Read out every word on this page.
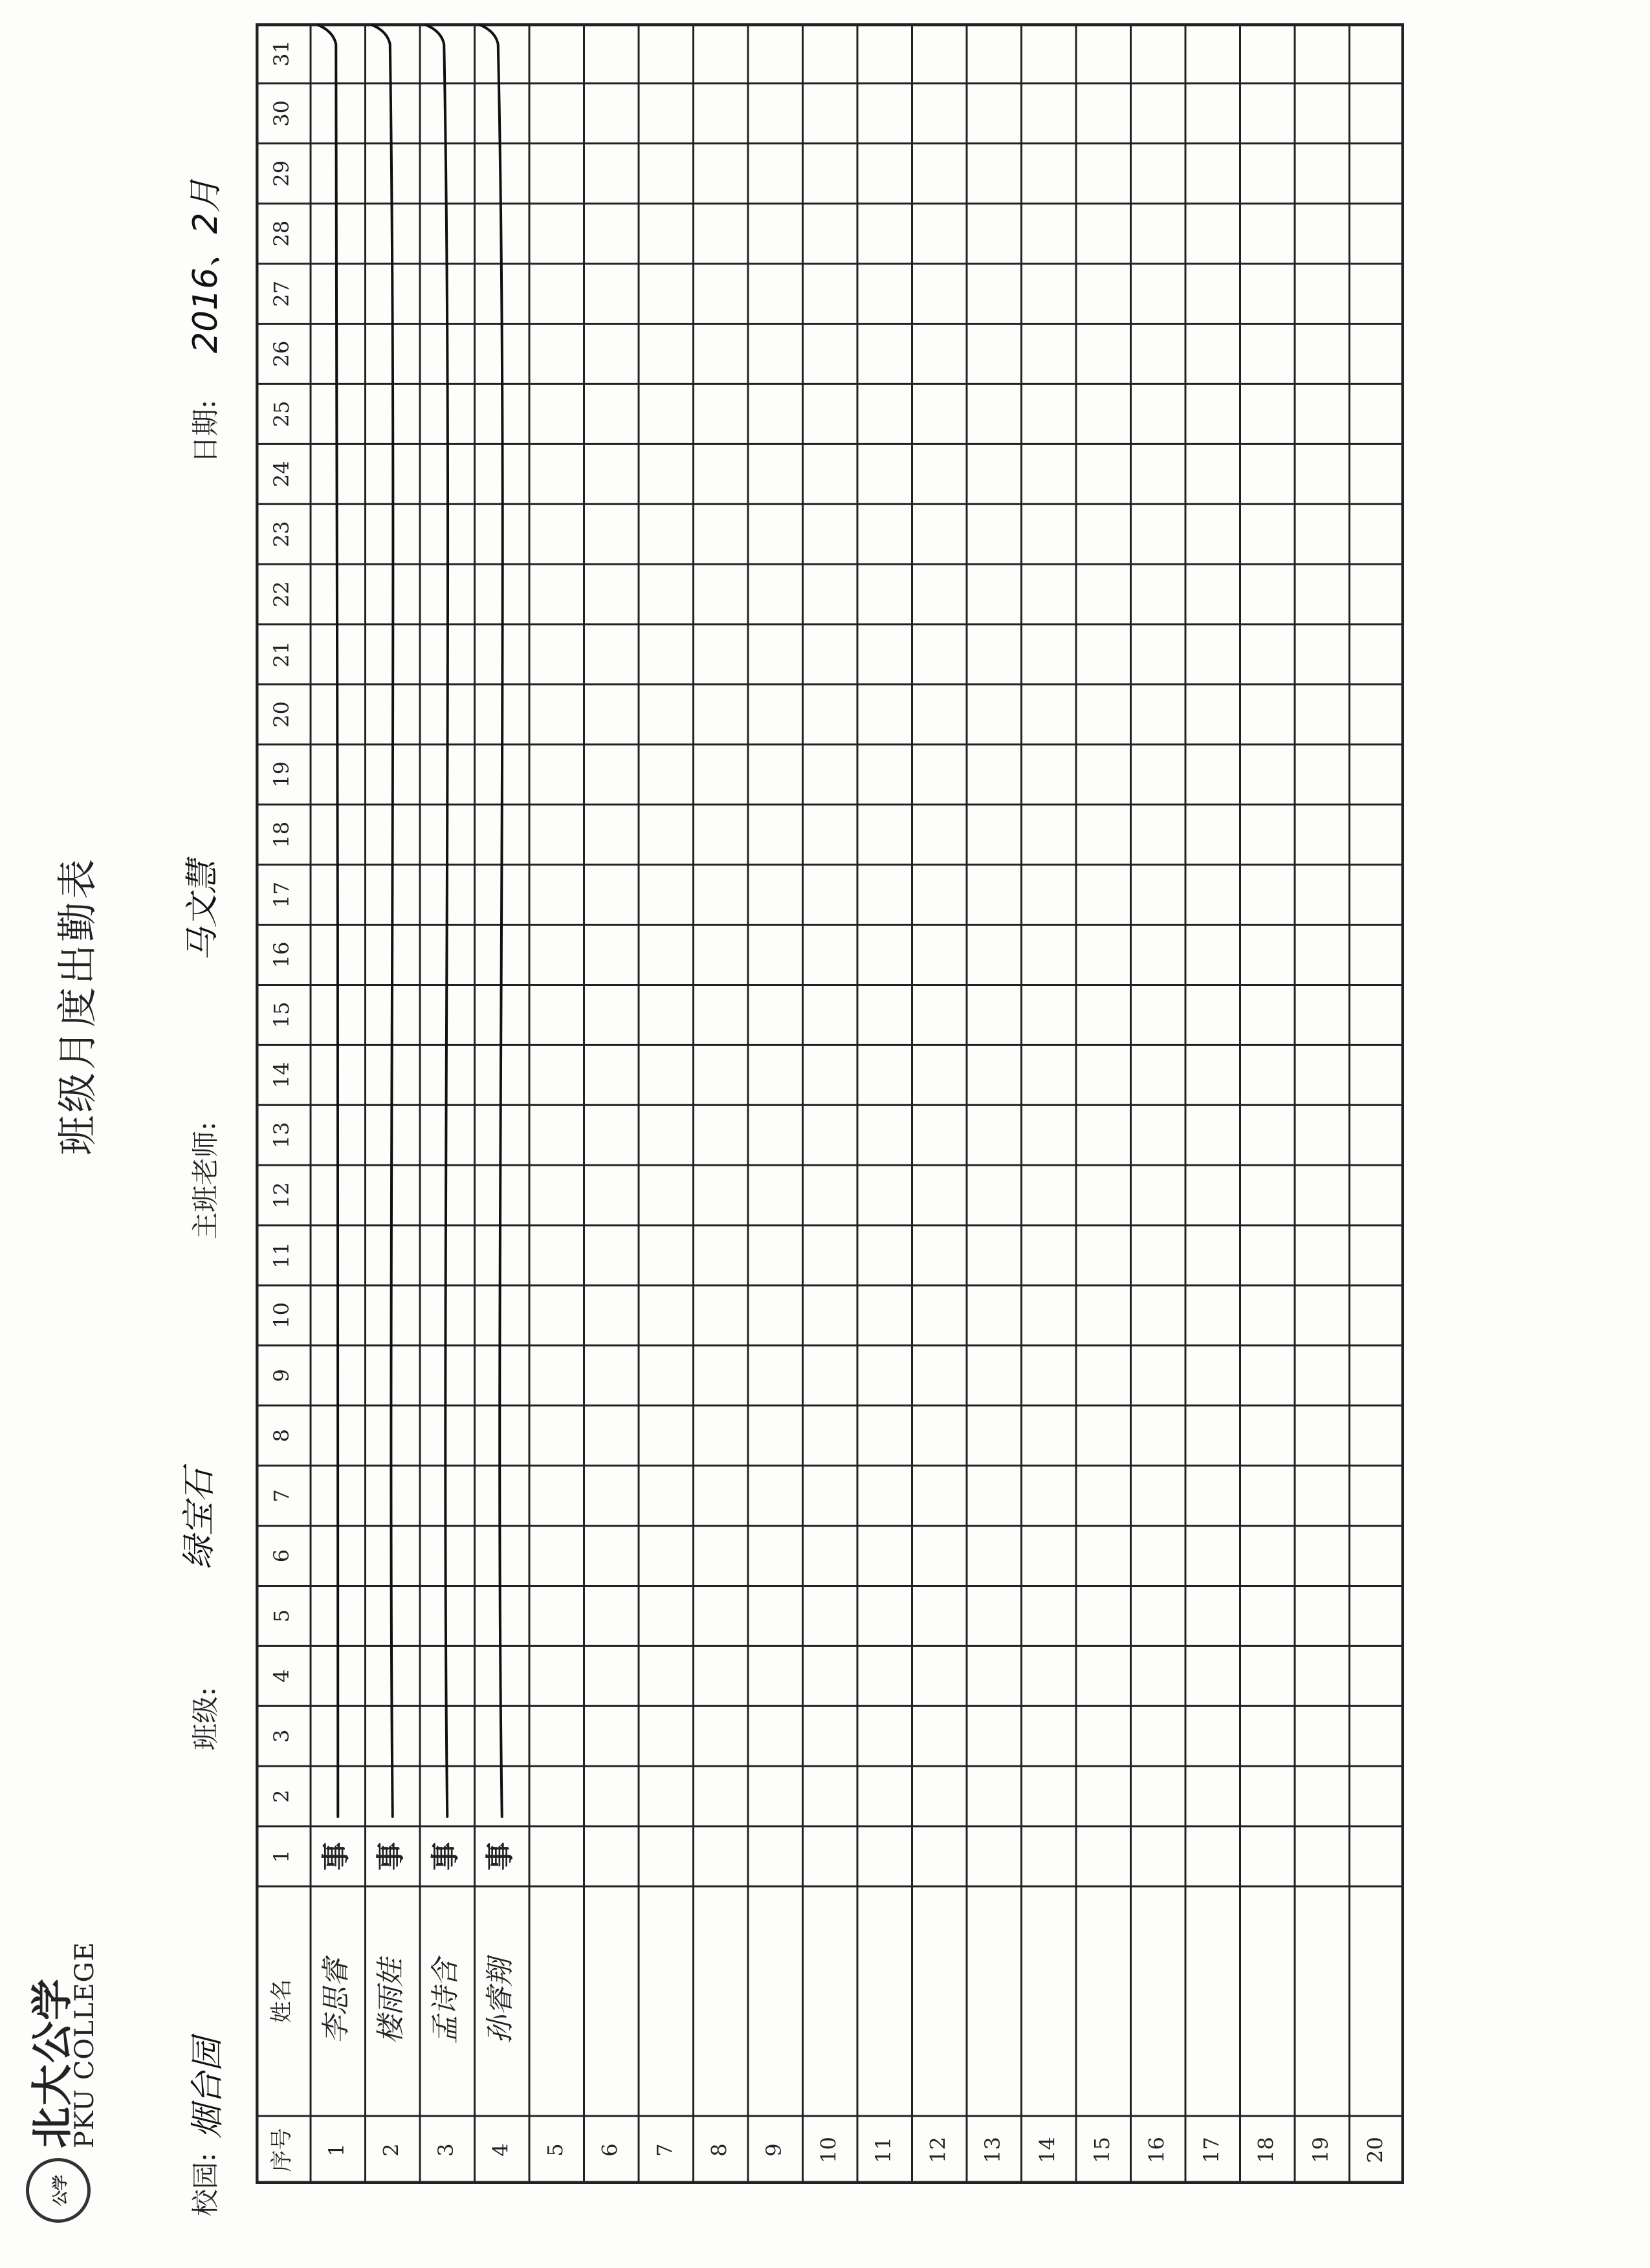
公学
北大公学
PKU COLLEGE
班级月度出勤表
校园:
烟台园
班级:
绿宝石
主班老师:
马文慧
日期:
2016、2月
序号
姓名
1
2
3
4
5
6
7
8
9
10
11
12
13
14
15
16
17
18
19
20
21
22
23
24
25
26
27
28
29
30
31
1
李思睿
事
2
楼雨娃
事
3
孟诗含
事
4
孙睿翔
事
5 6 7 8 9 10 11 12 13 14 15 16 17 18 19 20
